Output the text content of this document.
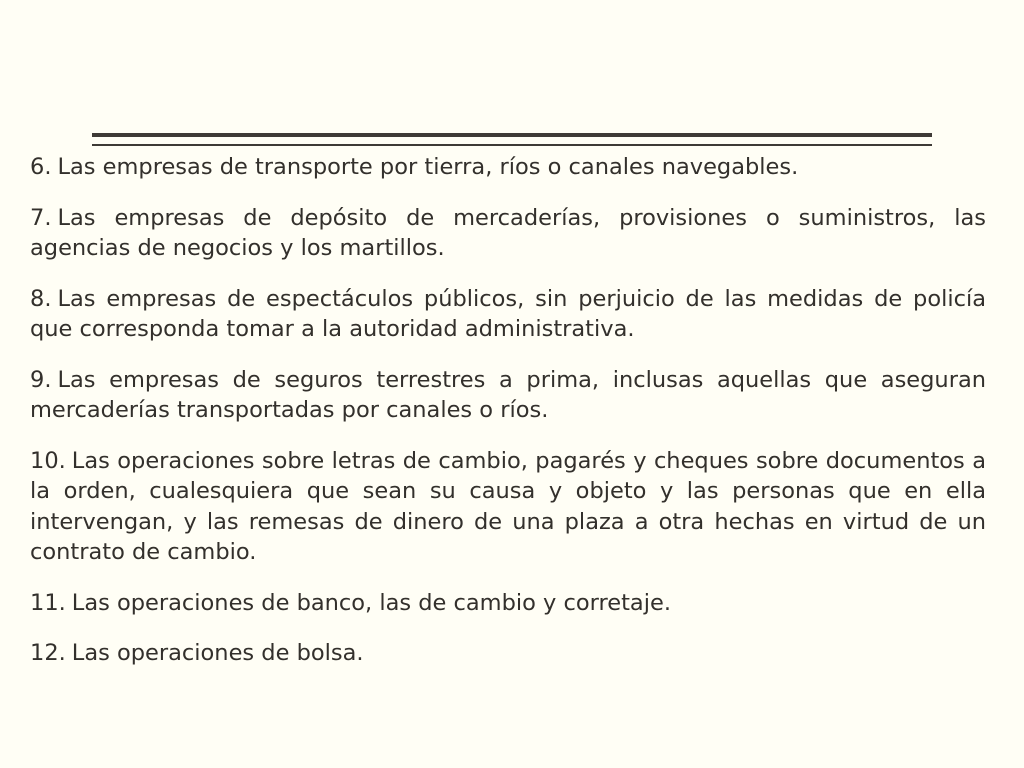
6. Las empresas de transporte por tierra, ríos o canales navegables.

7. Las empresas de depósito de mercaderías, provisiones o suministros, las agencias de negocios y los martillos.

8. Las empresas de espectáculos públicos, sin perjuicio de las medidas de policía que corresponda tomar a la autoridad administrativa.

9. Las empresas de seguros terrestres a prima, inclusas aquellas que aseguran mercaderías transportadas por canales o ríos.

10. Las operaciones sobre letras de cambio, pagarés y cheques sobre documentos a la orden, cualesquiera que sean su causa y objeto y las personas que en ella intervengan, y las remesas de dinero de una plaza a otra hechas en virtud de un contrato de cambio.

11. Las operaciones de banco, las de cambio y corretaje.

12. Las operaciones de bolsa.
